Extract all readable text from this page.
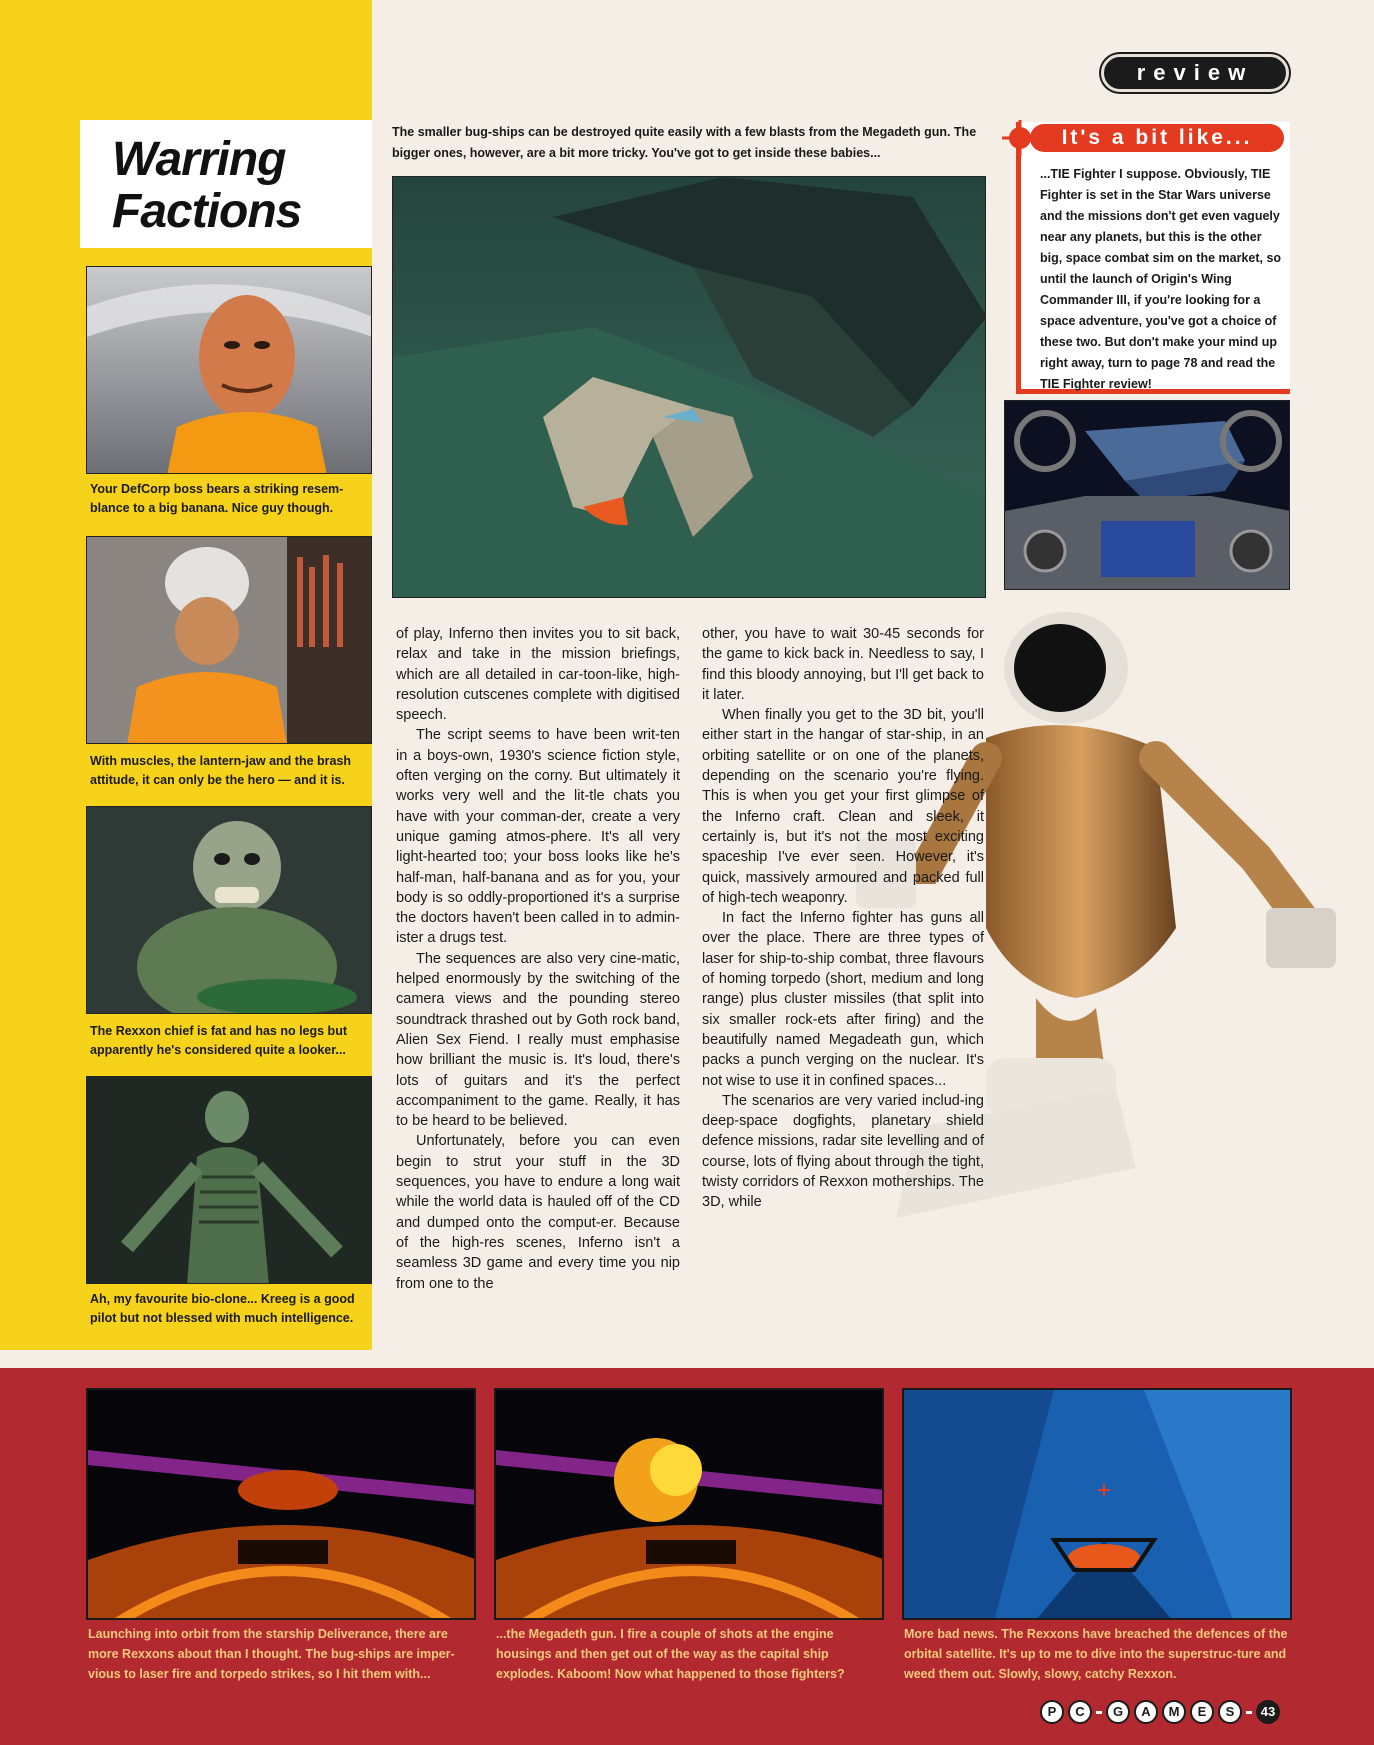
Warring
Factions
Your DefCorp boss bears a striking resem-blance to a big banana. Nice guy though.
With muscles, the lantern-jaw and the brash attitude, it can only be the hero — and it is.
The Rexxon chief is fat and has no legs but apparently he's considered quite a looker...
Ah, my favourite bio-clone... Kreeg is a good pilot but not blessed with much intelligence.
review
The smaller bug-ships can be destroyed quite easily with a few blasts from the Megadeth gun. The bigger ones, however, are a bit more tricky. You've got to get inside these babies...
It's a bit like...
...TIE Fighter I suppose. Obviously, TIE Fighter is set in the Star Wars universe and the missions don't get even vaguely near any planets, but this is the other big, space combat sim on the market, so until the launch of Origin's Wing Commander III, if you're looking for a space adventure, you've got a choice of these two. But don't make your mind up right away, turn to page 78 and read the TIE Fighter review!

of play, Inferno then invites you to sit back, relax and take in the mission briefings, which are all detailed in car-toon-like, high-resolution cutscenes complete with digitised speech.

The script seems to have been writ-ten in a boys-own, 1930's science fiction style, often verging on the corny. But ultimately it works very well and the lit-tle chats you have with your comman-der, create a very unique gaming atmos-phere. It's all very light-hearted too; your boss looks like he's half-man, half-banana and as for you, your body is so oddly-proportioned it's a surprise the doctors haven't been called in to admin-ister a drugs test.

The sequences are also very cine-matic, helped enormously by the switching of the camera views and the pounding stereo soundtrack thrashed out by Goth rock band, Alien Sex Fiend. I really must emphasise how brilliant the music is. It's loud, there's lots of guitars and it's the perfect accompaniment to the game. Really, it has to be heard to be believed.

Unfortunately, before you can even begin to strut your stuff in the 3D sequences, you have to endure a long wait while the world data is hauled off of the CD and dumped onto the comput-er. Because of the high-res scenes, Inferno isn't a seamless 3D game and every time you nip from one to the

other, you have to wait 30-45 seconds for the game to kick back in. Needless to say, I find this bloody annoying, but I'll get back to it later.

When finally you get to the 3D bit, you'll either start in the hangar of star-ship, in an orbiting satellite or on one of the planets, depending on the scenario you're flying. This is when you get your first glimpse of the Inferno craft. Clean and sleek, it certainly is, but it's not the most exciting spaceship I've ever seen. However, it's quick, massively armoured and packed full of high-tech weaponry.

In fact the Inferno fighter has guns all over the place. There are three types of laser for ship-to-ship combat, three flavours of homing torpedo (short, medium and long range) plus cluster missiles (that split into six smaller rock-ets after firing) and the beautifully named Megadeath gun, which packs a punch verging on the nuclear. It's not wise to use it in confined spaces...

The scenarios are very varied includ-ing deep-space dogfights, planetary shield defence missions, radar site levelling and of course, lots of flying about through the tight, twisty corridors of Rexxon motherships. The 3D, while

Launching into orbit from the starship Deliverance, there are more Rexxons about than I thought. The bug-ships are imper-vious to laser fire and torpedo strikes, so I hit them with...
...the Megadeth gun. I fire a couple of shots at the engine housings and then get out of the way as the capital ship explodes. Kaboom! Now what happened to those fighters?
More bad news. The Rexxons have breached the defences of the orbital satellite. It's up to me to dive into the superstruc-ture and weed them out. Slowly, slowy, catchy Rexxon.
P	C	G	A	M	E	S	43
